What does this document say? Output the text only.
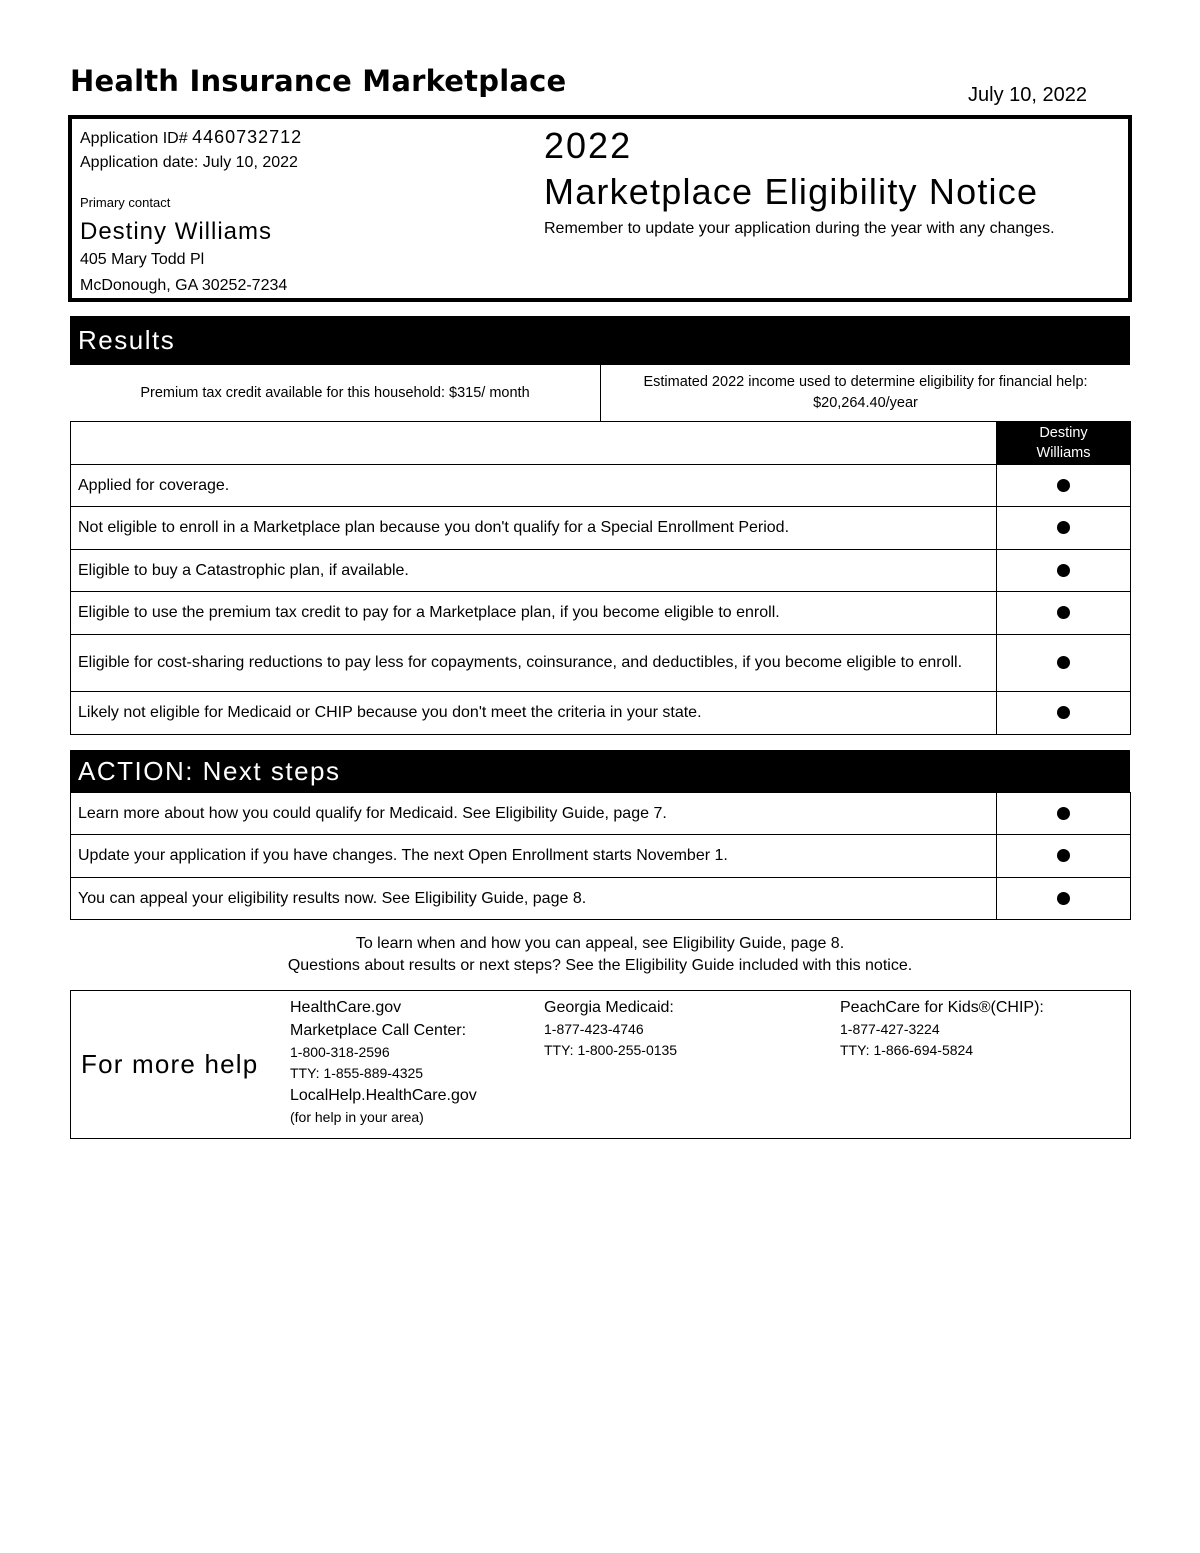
Health Insurance Marketplace	July 10, 2022
Application ID# 4460732712
Application date: July 10, 2022
Primary contact
Destiny Williams
405 Mary Todd Pl
McDonough, GA 30252-7234
2022
Marketplace Eligibility Notice
Remember to update your application during the year with any changes.
Results
Premium tax credit available for this household: $315/ month
Estimated 2022 income used to determine eligibility for financial help:
$20,264.40/year

	Destiny
Williams

Applied for coverage.	
Not eligible to enroll in a Marketplace plan because you don't qualify for a Special Enrollment Period.	
Eligible to buy a Catastrophic plan, if available.	
Eligible to use the premium tax credit to pay for a Marketplace plan, if you become eligible to enroll.	
Eligible for cost-sharing reductions to pay less for copayments, coinsurance, and deductibles, if you become eligible to enroll.	
Likely not eligible for Medicaid or CHIP because you don't meet the criteria in your state.	
ACTION: Next steps
Learn more about how you could qualify for Medicaid. See Eligibility Guide, page 7.	
Update your application if you have changes. The next Open Enrollment starts November 1.	
You can appeal your eligibility results now. See Eligibility Guide, page 8.	
To learn when and how you can appeal, see Eligibility Guide, page 8.
Questions about results or next steps? See the Eligibility Guide included with this notice.
For more help
HealthCare.gov
Marketplace Call Center:
1-800-318-2596
TTY: 1-855-889-4325
LocalHelp.HealthCare.gov
(for help in your area)
Georgia Medicaid:
1-877-423-4746
TTY: 1-800-255-0135
PeachCare for Kids®(CHIP):
1-877-427-3224
TTY: 1-866-694-5824
